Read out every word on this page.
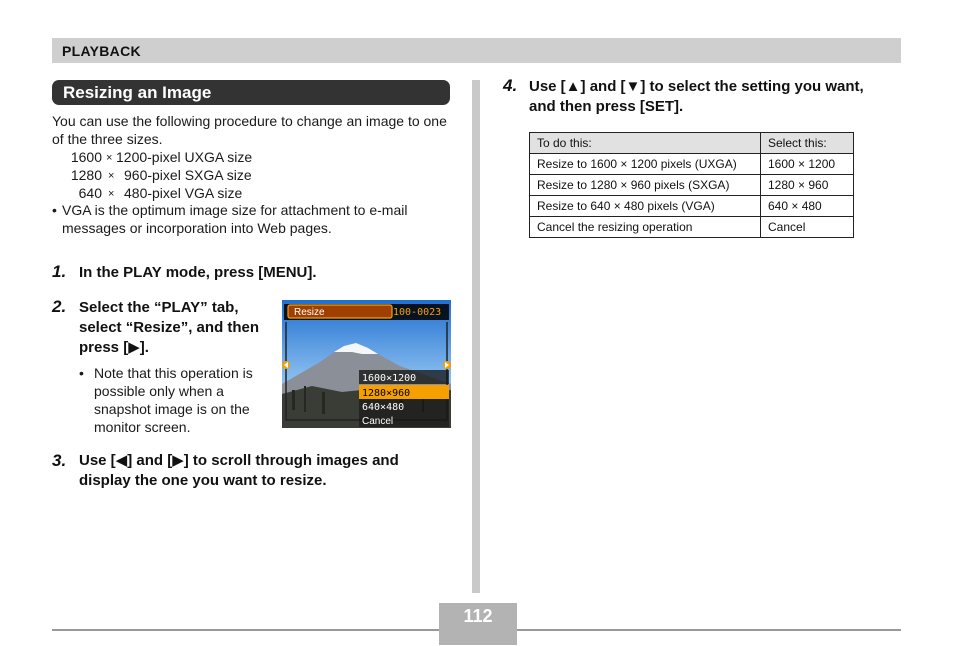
PLAYBACK
Resizing an Image
You can use the following procedure to change an image to one of the three sizes.
1600 × 1200-pixel UXGA size
1280 × 960-pixel SXGA size
640 × 480-pixel VGA size
• VGA is the optimum image size for attachment to e-mail messages or incorporation into Web pages.
1. In the PLAY mode, press [MENU].
2. Select the “PLAY” tab, select “Resize”, and then press [▶].
• Note that this operation is possible only when a snapshot image is on the monitor screen.
Resize	100-0023
1600×1200
1280×960
640×480
Cancel
3. Use [◀] and [▶] to scroll through images and display the one you want to resize.
4. Use [▲] and [▼] to select the setting you want, and then press [SET].
To do this:	Select this:
Resize to 1600 × 1200 pixels (UXGA)	1600 × 1200
Resize to 1280 × 960 pixels (SXGA)	1280 × 960
Resize to 640 × 480 pixels (VGA)	640 × 480
Cancel the resizing operation	Cancel
112
